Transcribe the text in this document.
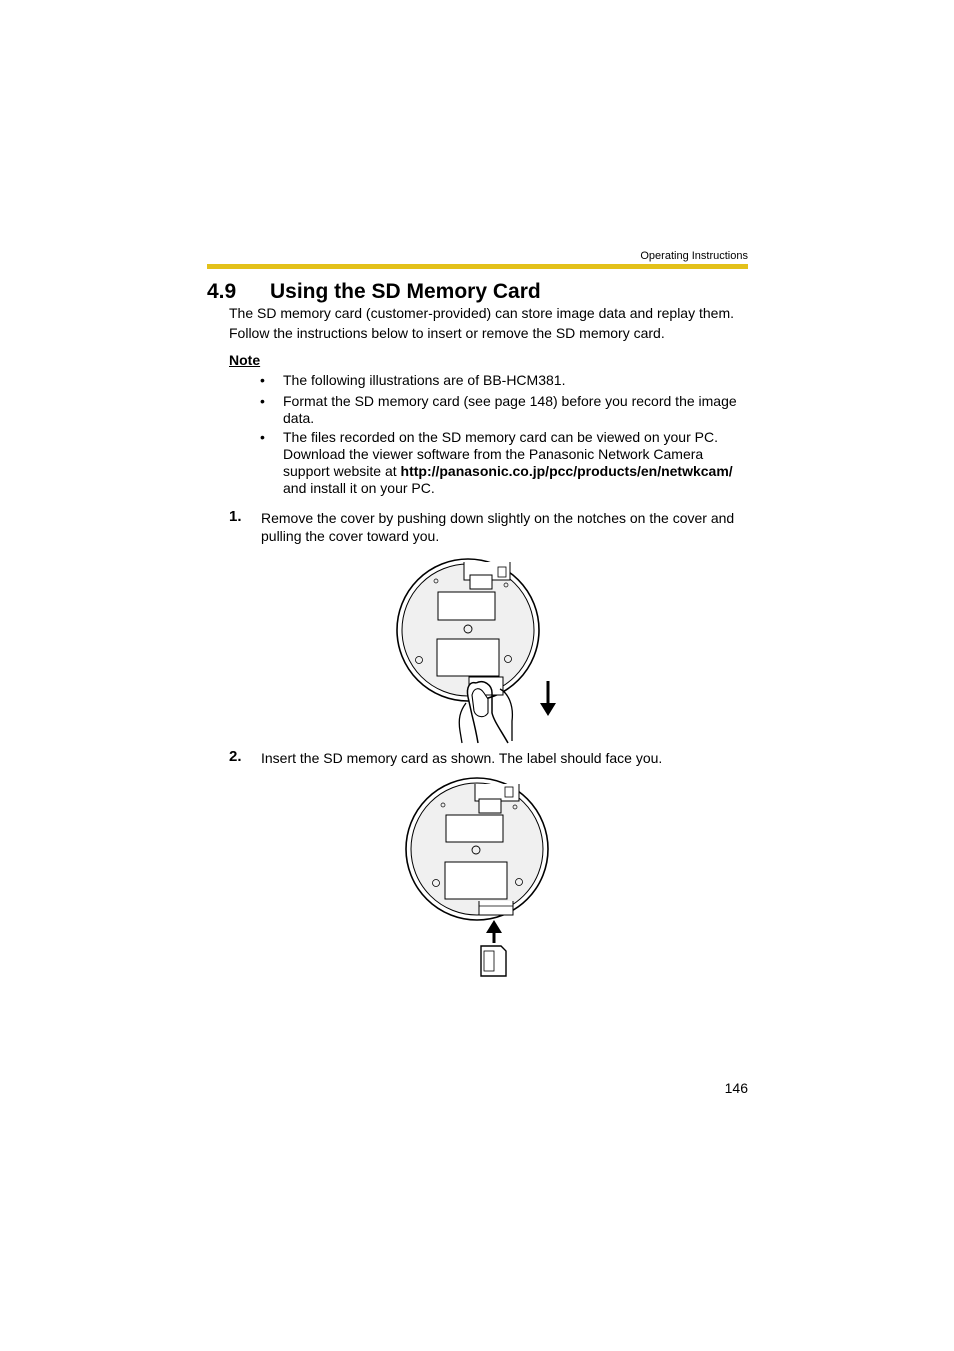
Operating Instructions
4.9 Using the SD Memory Card
The SD memory card (customer-provided) can store image data and replay them.
Follow the instructions below to insert or remove the SD memory card.
Note
• The following illustrations are of BB-HCM381.
• Format the SD memory card (see page 148) before you record the image data.
• The files recorded on the SD memory card can be viewed on your PC. Download the viewer software from the Panasonic Network Camera support website at http://panasonic.co.jp/pcc/products/en/netwkcam/ and install it on your PC.
1. Remove the cover by pushing down slightly on the notches on the cover and pulling the cover toward you.
2. Insert the SD memory card as shown. The label should face you.
146
